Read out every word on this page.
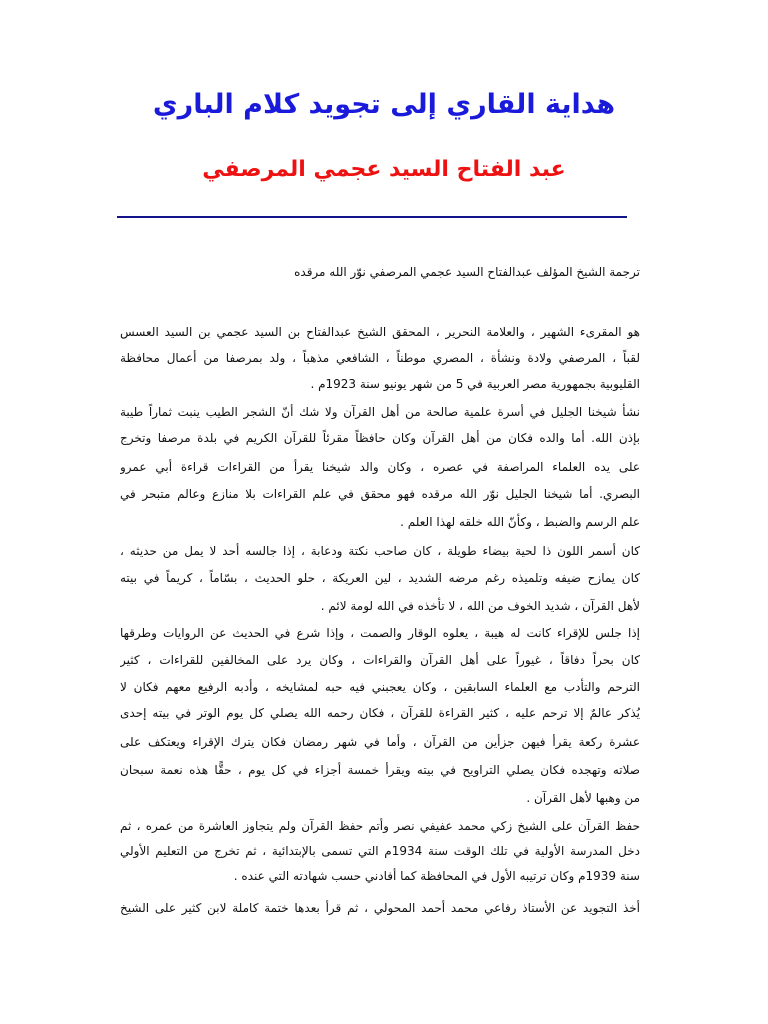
هداية القاري إلى تجويد كلام الباري
عبد الفتاح السيد عجمي المرصفي
ترجمة الشيخ المؤلف عبدالفتاح السيد عجمي المرصفي نوّر الله مرقده
هو المقرىء الشهير ، والعلامة النحرير ، المحقق الشيخ عبدالفتاح بن السيد عجمي بن السيد العسس
لقباً ، المرصفي ولادة ونشأة ، المصري موطناً ، الشافعي مذهباً ، ولد بمرصفا من أعمال محافظة
القليوبية بجمهورية مصر العربية في 5 من شهر يونيو سنة 1923م .
نشأ شيخنا الجليل في أسرة علمية صالحة من أهل القرآن ولا شك أنّ الشجر الطيب ينبت ثماراً طيبة
بإذن الله. أما والده فكان من أهل القرآن وكان حافظاً مقرئاً للقرآن الكريم في بلدة مرصفا وتخرج
على يده العلماء المراصفة في عصره ، وكان والد شيخنا يقرأ من القراءات قراءة أبي عمرو
البصري. أما شيخنا الجليل نوّر الله مرقده فهو محقق في علم القراءات بلا منازع وعالم متبحر في
علم الرسم والضبط ، وكأنّ الله خلقه لهذا العلم .
كان أسمر اللون ذا لحية بيضاء طويلة ، كان صاحب نكتة ودعابة ، إذا جالسه أحد لا يمل من حديثه ،
كان يمازح ضيفه وتلميذه رغم مرضه الشديد ، لين العريكة ، حلو الحديث ، بسّاماً ، كريماً في بيته
لأهل القرآن ، شديد الخوف من الله ، لا تأخذه في الله لومة لائم .
إذا جلس للإقراء كانت له هيبة ، يعلوه الوقار والصمت ، وإذا شرع في الحديث عن الروايات وطرقها
كان بحراً دفاقاً ، غيوراً على أهل القرآن والقراءات ، وكان يرد على المخالفين للقراءات ، كثير
الترحم والتأدب مع العلماء السابقين ، وكان يعجبني فيه حبه لمشايخه ، وأدبه الرفيع معهم فكان لا
يُذكر عالمٌ إلا ترحم عليه ، كثير القراءة للقرآن ، فكان رحمه الله يصلي كل يوم الوتر في بيته إحدى
عشرة ركعة يقرأ فيهن جزأين من القرآن ، وأما في شهر رمضان فكان يترك الإقراء ويعتكف على
صلاته وتهجده فكان يصلي التراويح في بيته ويقرأ خمسة أجزاء في كل يوم ، حقًّا هذه نعمة سبحان
من وهبها لأهل القرآن .
حفظ القرآن على الشيخ زكي محمد عفيفي نصر وأتم حفظ القرآن ولم يتجاوز العاشرة من عمره ، ثم
دخل المدرسة الأولية في تلك الوقت سنة 1934م التي تسمى بالإبتدائية ، ثم تخرج من التعليم الأولي
سنة 1939م وكان ترتيبه الأول في المحافظة كما أفادني حسب شهادته التي عنده .
أخذ التجويد عن الأستاذ رفاعي محمد أحمد المحولي ، ثم قرأ بعدها ختمة كاملة لابن كثير على الشيخ
